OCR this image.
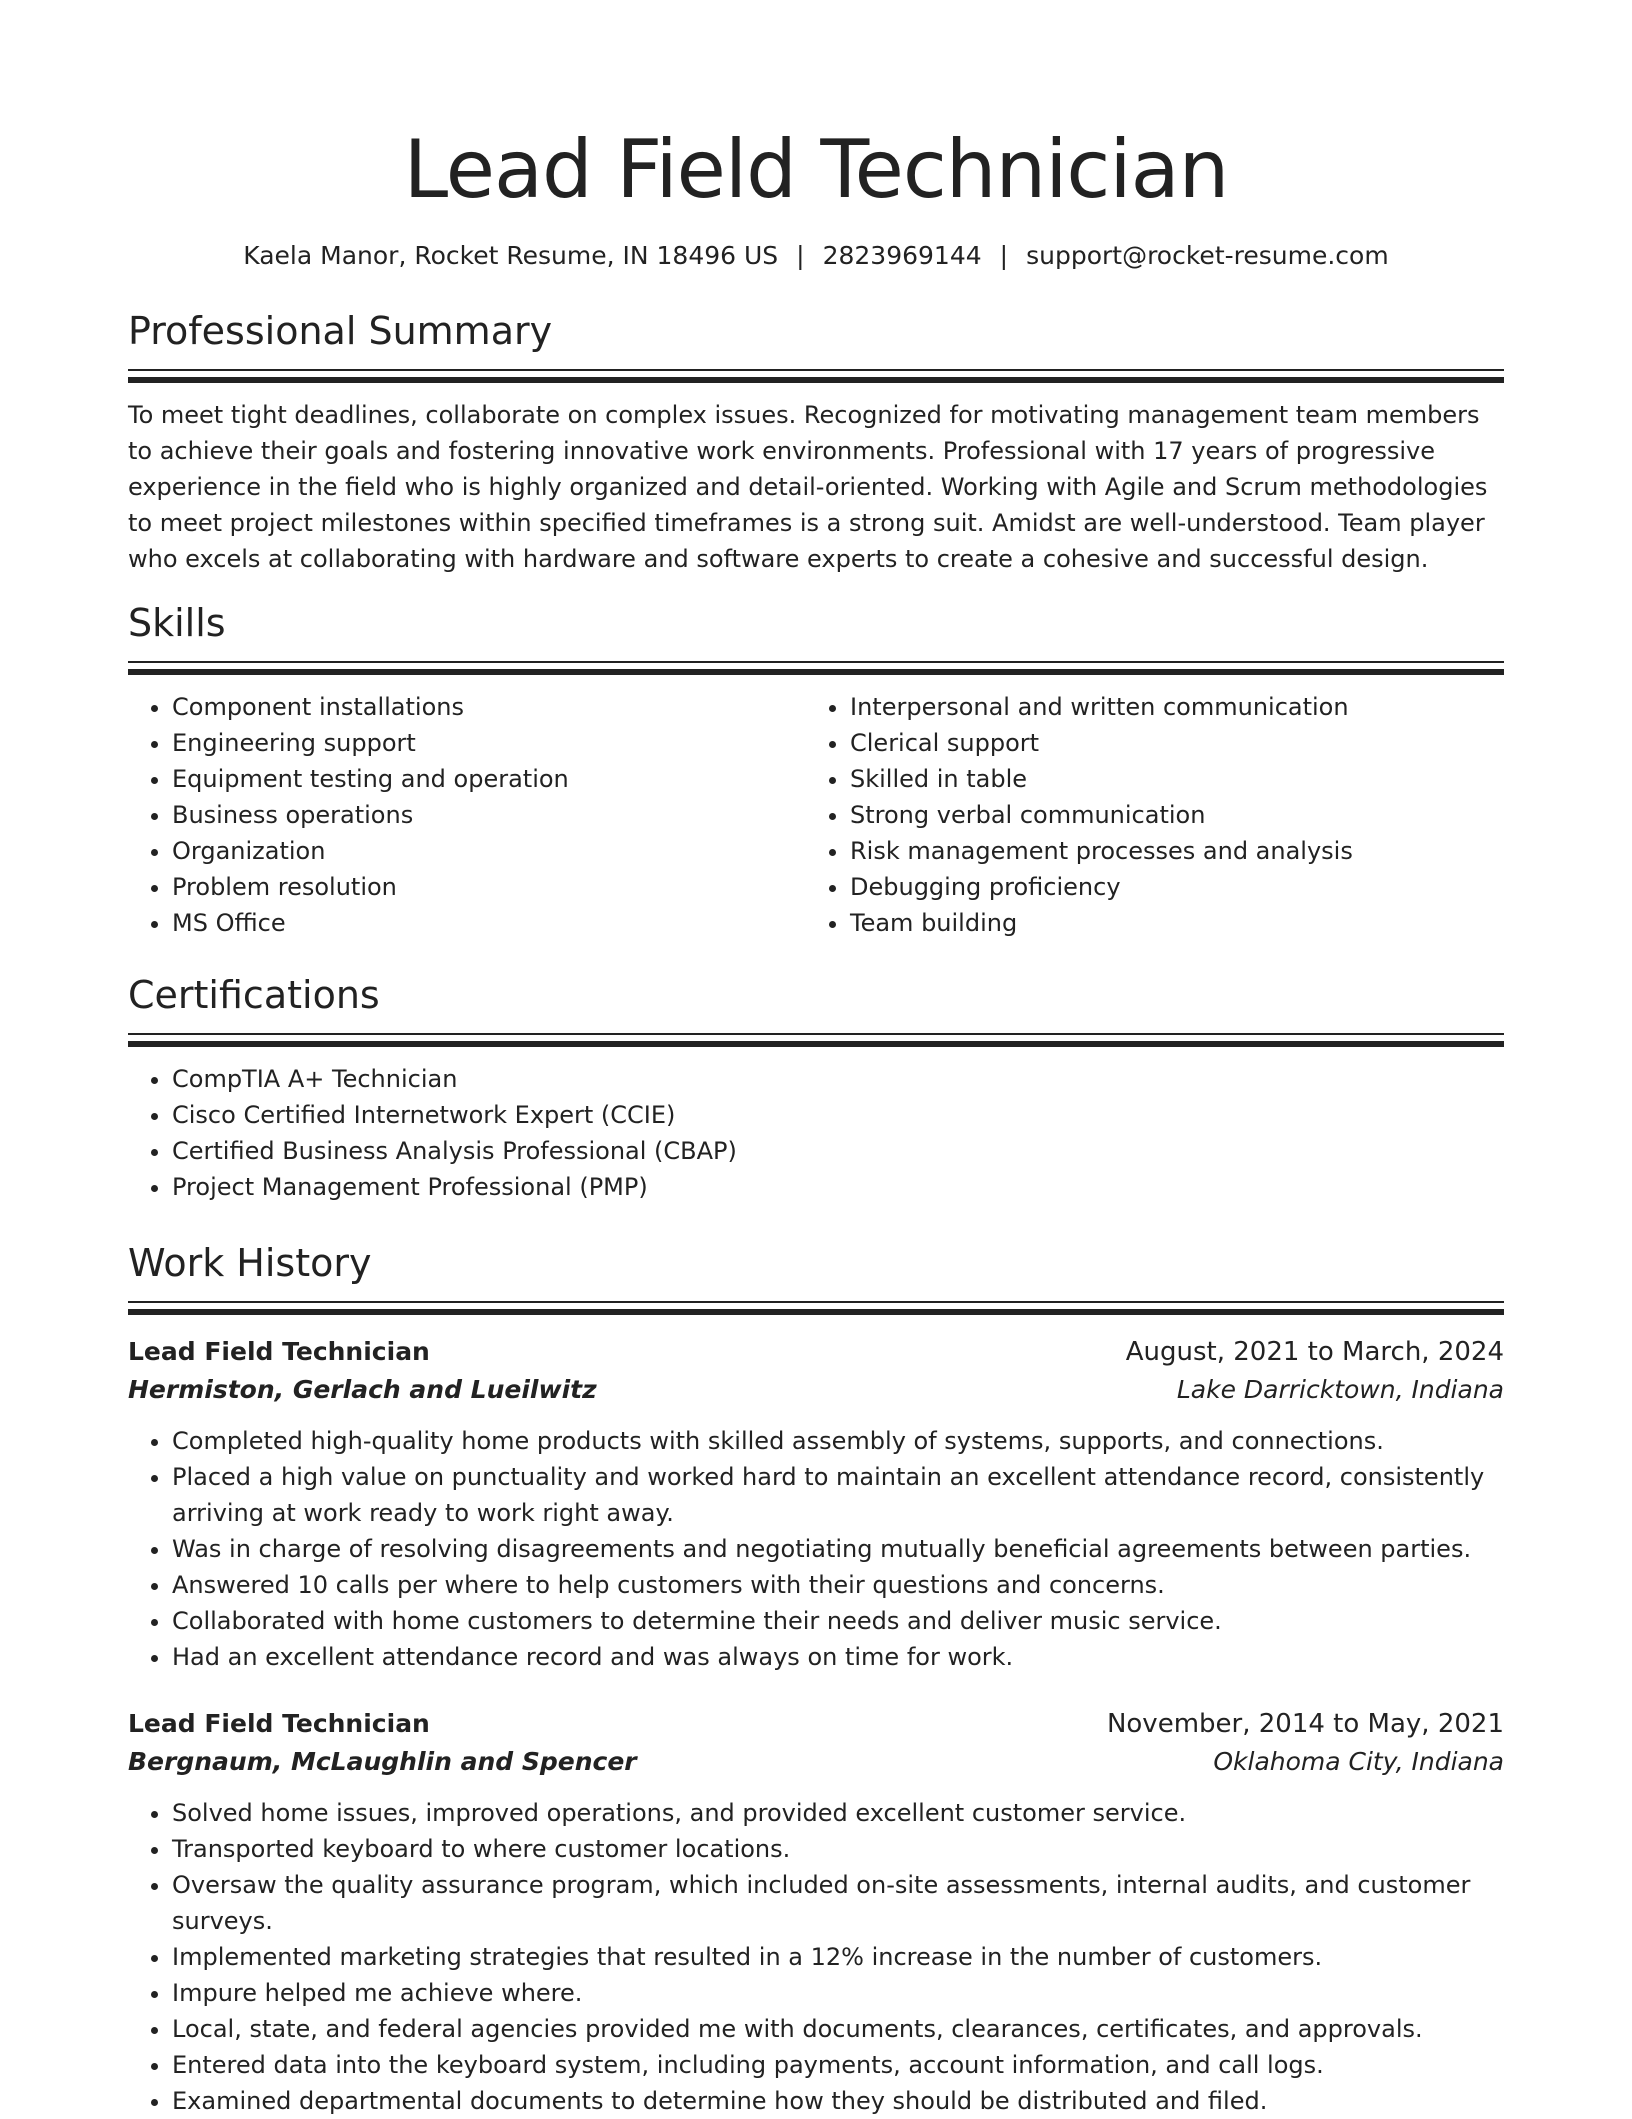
Lead Field Technician
Kaela Manor, Rocket Resume, IN 18496 US | 2823969144 | support@rocket-resume.com
Professional Summary

To meet tight deadlines, collaborate on complex issues. Recognized for motivating management team members to achieve their goals and fostering innovative work environments. Professional with 17 years of progressive experience in the field who is highly organized and detail-oriented. Working with Agile and Scrum methodologies to meet project milestones within specified timeframes is a strong suit. Amidst are well-understood. Team player who excels at collaborating with hardware and software experts to create a cohesive and successful design.

Skills
• Component installations
• Engineering support
• Equipment testing and operation
• Business operations
• Organization
• Problem resolution
• MS Office
• Interpersonal and written communication
• Clerical support
• Skilled in table
• Strong verbal communication
• Risk management processes and analysis
• Debugging proficiency
• Team building
Certifications
• CompTIA A+ Technician
• Cisco Certified Internetwork Expert (CCIE)
• Certified Business Analysis Professional (CBAP)
• Project Management Professional (PMP)
Work History
Lead Field Technician	August, 2021 to March, 2024
Hermiston, Gerlach and Lueilwitz	Lake Darricktown, Indiana
• Completed high-quality home products with skilled assembly of systems, supports, and connections.
• Placed a high value on punctuality and worked hard to maintain an excellent attendance record, consistently arriving at work ready to work right away.
• Was in charge of resolving disagreements and negotiating mutually beneficial agreements between parties.
• Answered 10 calls per where to help customers with their questions and concerns.
• Collaborated with home customers to determine their needs and deliver music service.
• Had an excellent attendance record and was always on time for work.
Lead Field Technician	November, 2014 to May, 2021
Bergnaum, McLaughlin and Spencer	Oklahoma City, Indiana
• Solved home issues, improved operations, and provided excellent customer service.
• Transported keyboard to where customer locations.
• Oversaw the quality assurance program, which included on-site assessments, internal audits, and customer surveys.
• Implemented marketing strategies that resulted in a 12% increase in the number of customers.
• Impure helped me achieve where.
• Local, state, and federal agencies provided me with documents, clearances, certificates, and approvals.
• Entered data into the keyboard system, including payments, account information, and call logs.
• Examined departmental documents to determine how they should be distributed and filed.
